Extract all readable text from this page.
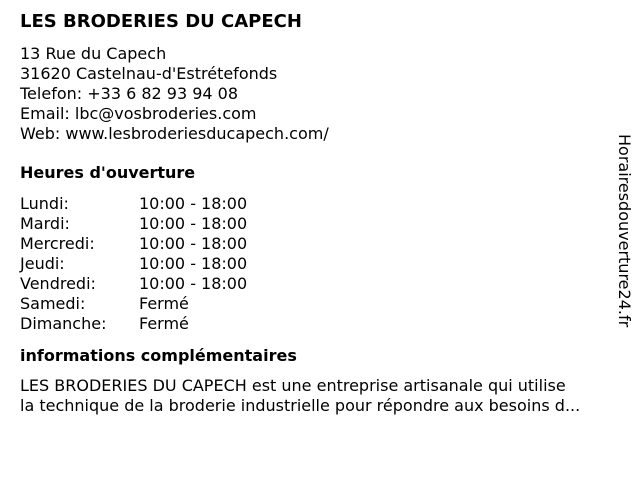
LES BRODERIES DU CAPECH
13 Rue du Capech
31620 Castelnau-d'Estrétefonds
Telefon: +33 6 82 93 94 08
Email: lbc@vosbroderies.com
Web: www.lesbroderiesducapech.com/
Heures d'ouverture
Lundi:	10:00 - 18:00
Mardi:	10:00 - 18:00
Mercredi:	10:00 - 18:00
Jeudi:	10:00 - 18:00
Vendredi:	10:00 - 18:00
Samedi:	Fermé
Dimanche:	Fermé
informations complémentaires
LES BRODERIES DU CAPECH est une entreprise artisanale qui utilise
la technique de la broderie industrielle pour répondre aux besoins d...
Horairesdouverture24.fr
